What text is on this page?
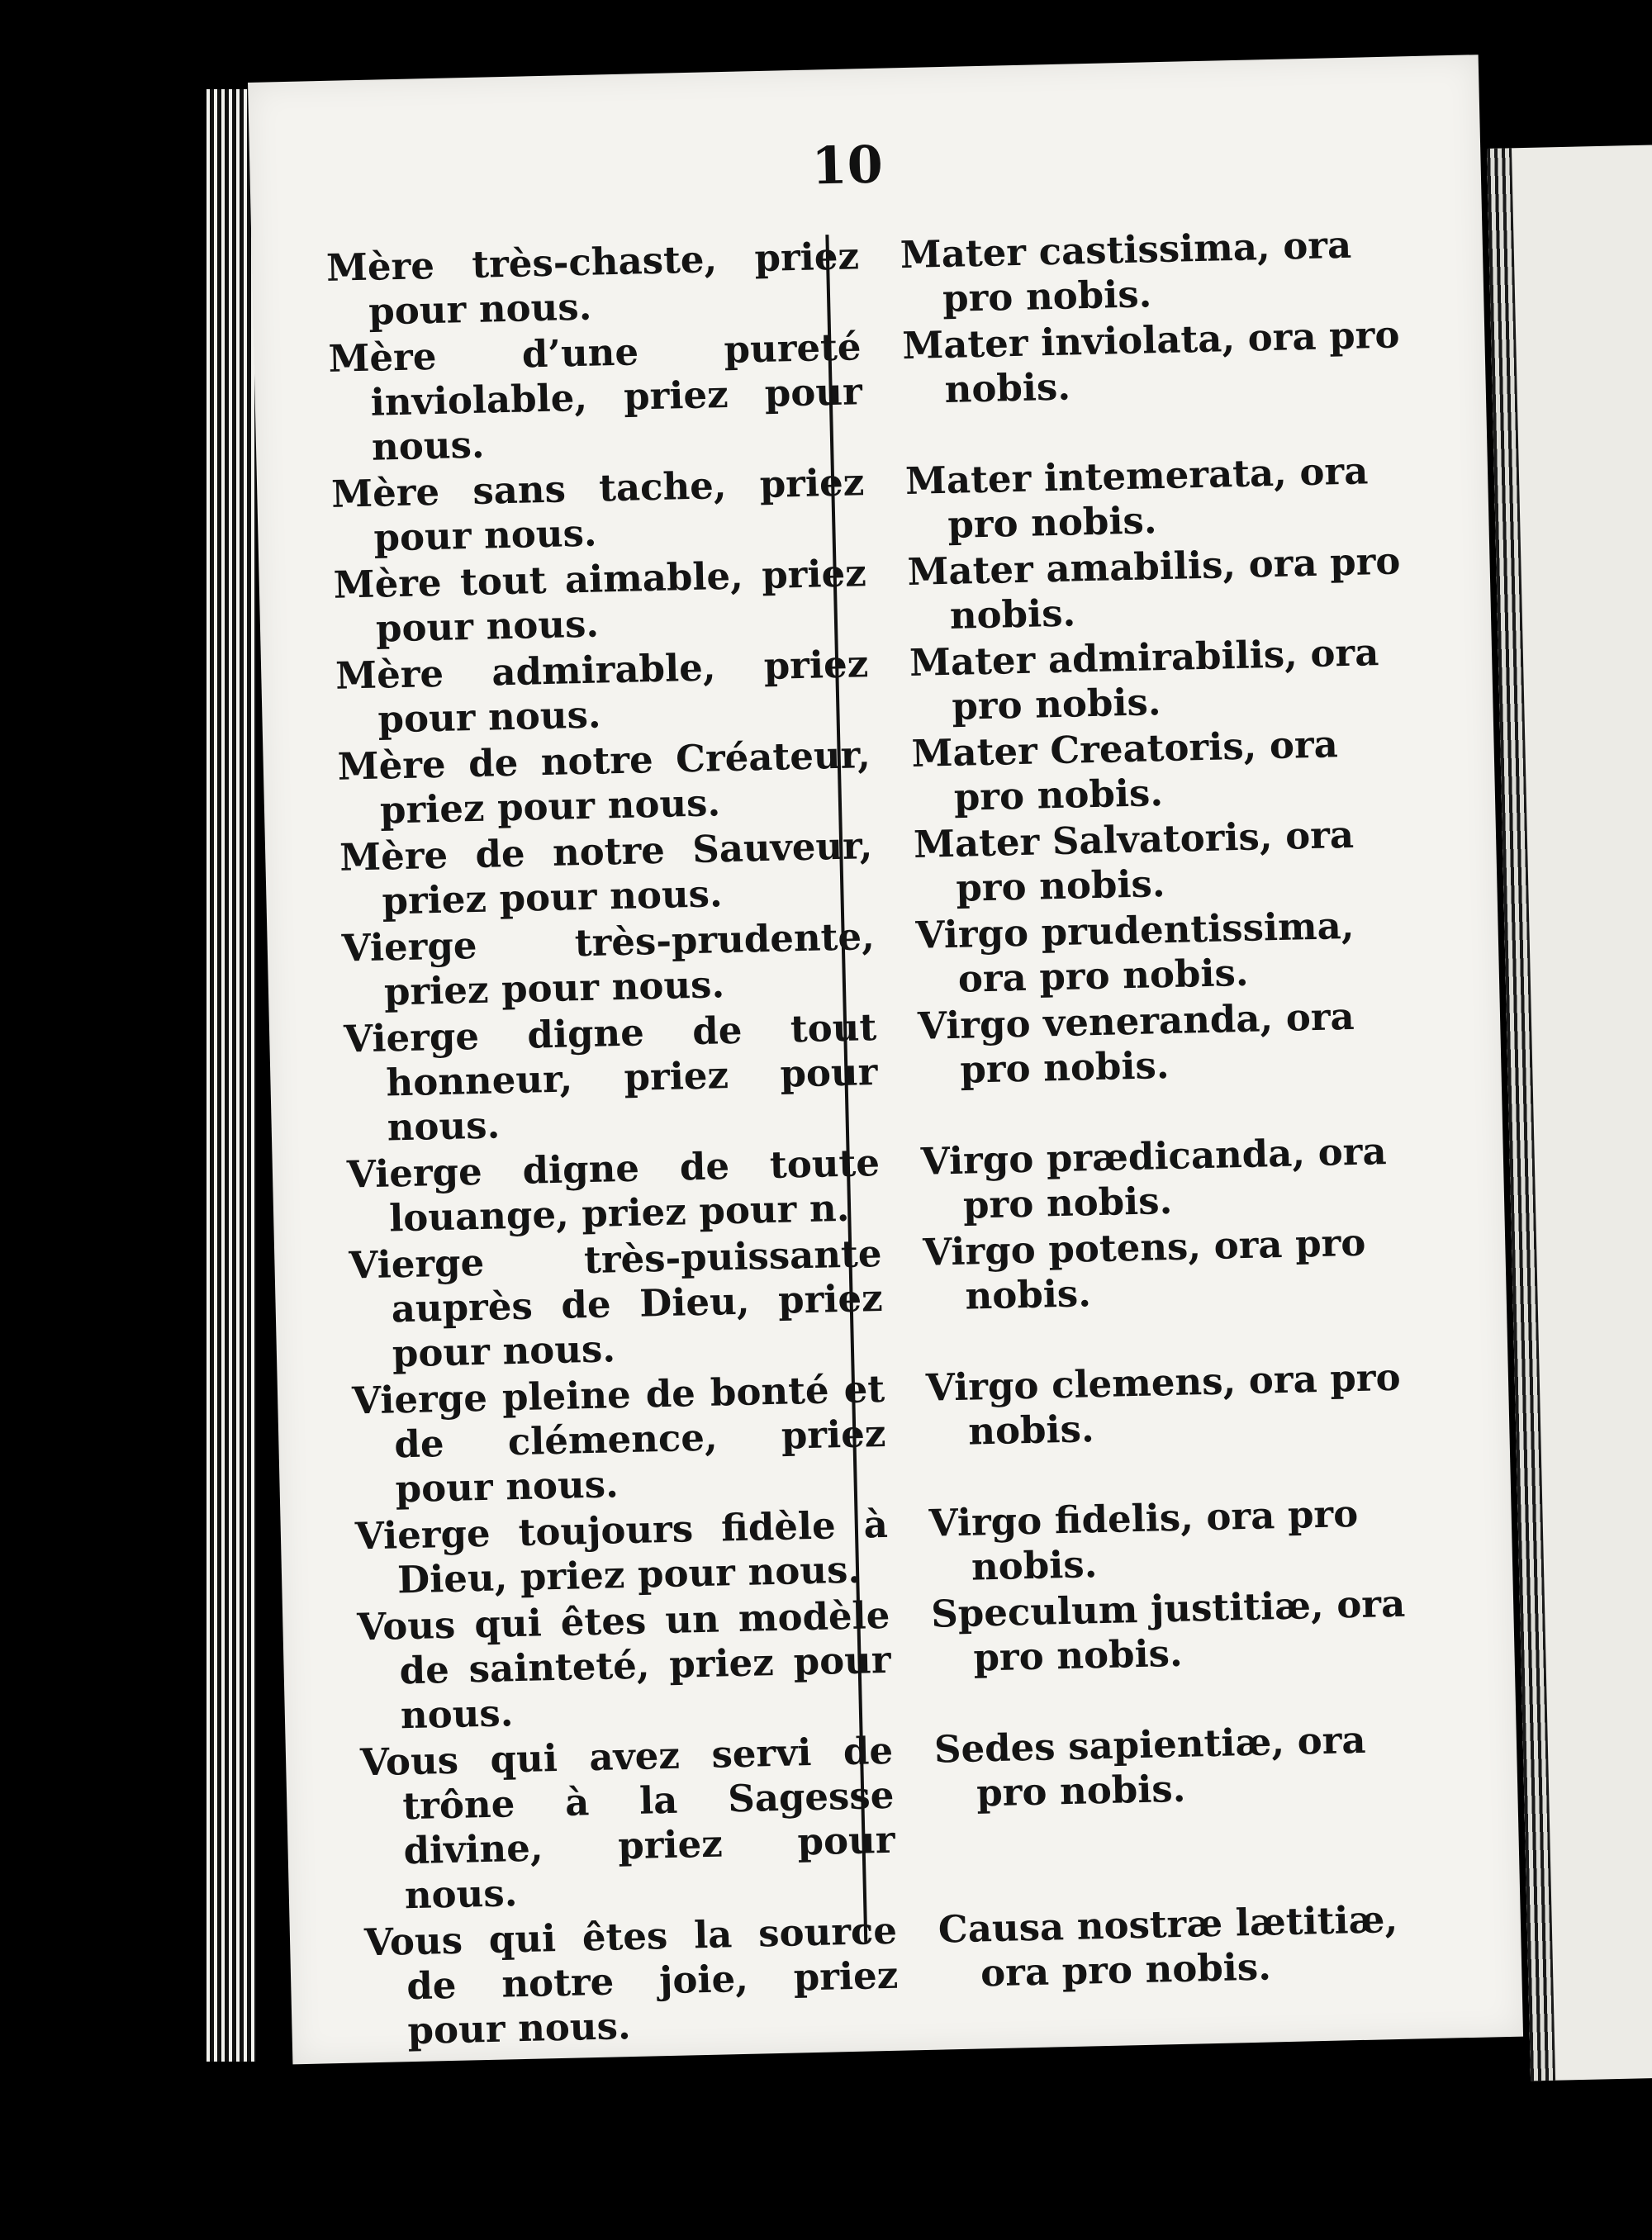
10
Mère très-chaste, priez pour nous.
Mater castissima, ora pro nobis.
Mère d’une pureté inviolable, priez pour nous.
Mater inviolata, ora pro nobis.
Mère sans tache, priez pour nous.
Mater intemerata, ora pro nobis.
Mère tout aimable, priez pour nous.
Mater amabilis, ora pro nobis.
Mère admirable, priez pour nous.
Mater admirabilis, ora pro nobis.
Mère de notre Créateur, priez pour nous.
Mater Creatoris, ora pro nobis.
Mère de notre Sauveur, priez pour nous.
Mater Salvatoris, ora pro nobis.
Vierge très-prudente, priez pour nous.
Virgo prudentissima, ora pro nobis.
Vierge digne de tout honneur, priez pour nous.
Virgo veneranda, ora pro nobis.
Vierge digne de toute louange, priez pour n.
Virgo prædicanda, ora pro nobis.
Vierge très-puissante auprès de Dieu, priez pour nous.
Virgo potens, ora pro nobis.
Vierge pleine de bonté et de clémence, priez pour nous.
Virgo clemens, ora pro nobis.
Vierge toujours fidèle à Dieu, priez pour nous.
Virgo fidelis, ora pro nobis.
Vous qui êtes un modèle de sainteté, priez pour nous.
Speculum justitiæ, ora pro nobis.
Vous qui avez servi de trône à la Sagesse divine, priez pour nous.
Sedes sapientiæ, ora pro nobis.
Vous qui êtes la source de notre joie, priez pour nous.
Causa nostræ lætitiæ, ora pro nobis.
